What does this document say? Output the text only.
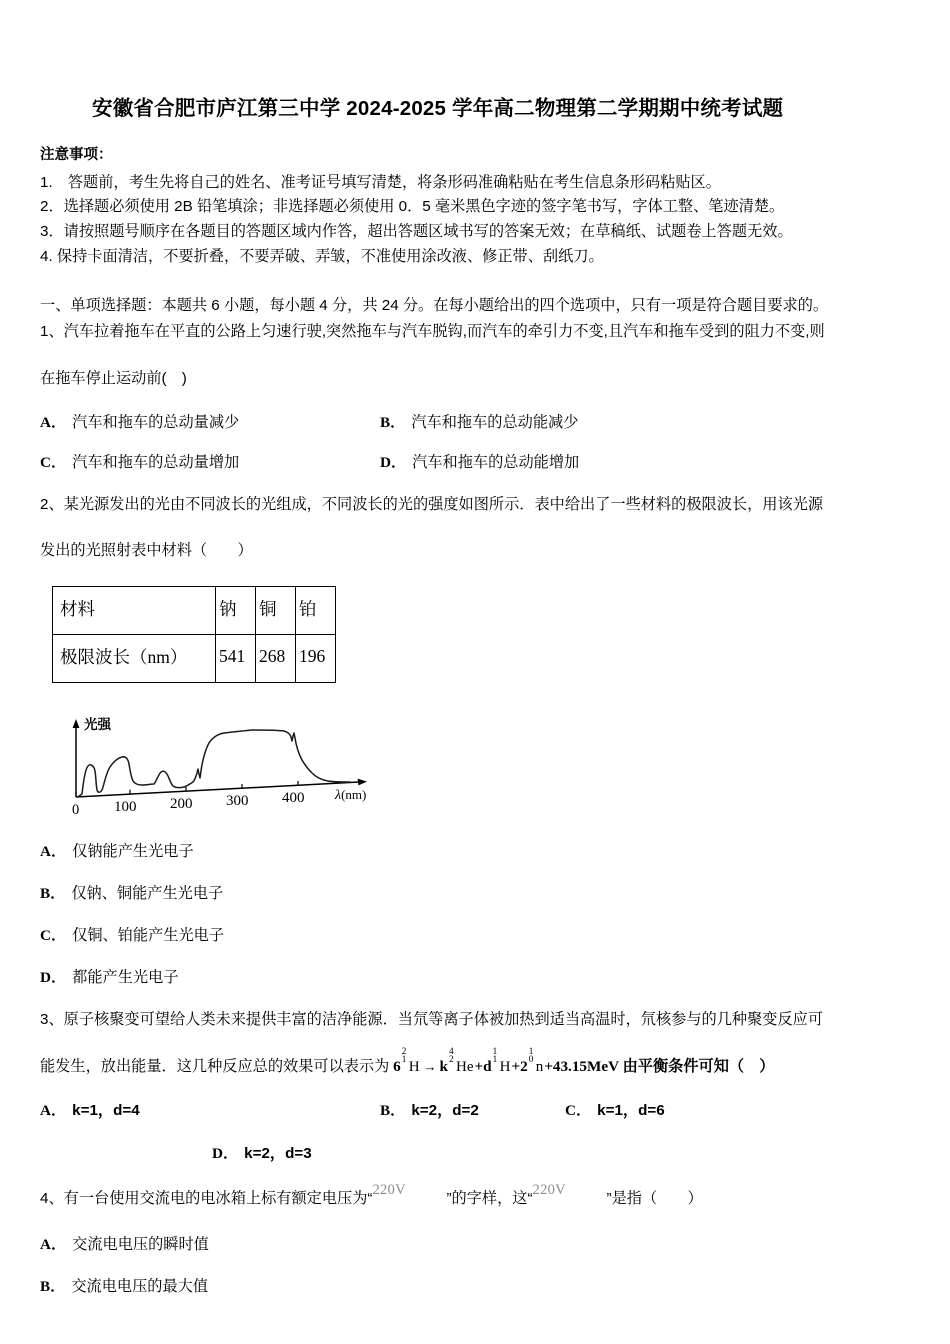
安徽省合肥市庐江第三中学 2024-2025 学年高二物理第二学期期中统考试题
注意事项：
1.　答题前，考生先将自己的姓名、准考证号填写清楚，将条形码准确粘贴在考生信息条形码粘贴区。
2．选择题必须使用 2B 铅笔填涂；非选择题必须使用 0．5 毫米黑色字迹的签字笔书写，字体工整、笔迹清楚。
3．请按照题号顺序在各题目的答题区域内作答，超出答题区域书写的答案无效；在草稿纸、试题卷上答题无效。
4. 保持卡面清洁，不要折叠，不要弄破、弄皱，不准使用涂改液、修正带、刮纸刀。
一、单项选择题：本题共 6 小题，每小题 4 分，共 24 分。在每小题给出的四个选项中，只有一项是符合题目要求的。
1、汽车拉着拖车在平直的公路上匀速行驶,突然拖车与汽车脱钩,而汽车的牵引力不变,且汽车和拖车受到的阻力不变,则
在拖车停止运动前(　)
A． 汽车和拖车的总动量减少	B． 汽车和拖车的总动能减少
C． 汽车和拖车的总动量增加	D． 汽车和拖车的总动能增加
2、某光源发出的光由不同波长的光组成，不同波长的光的强度如图所示．表中给出了一些材料的极限波长，用该光源
发出的光照射表中材料（　　）
材料	钠	铜	铂
极限波长（nm）	541	268	196
光强
0 100 200 300 400 λ(nm)
A． 仅钠能产生光电子
B． 仅钠、铜能产生光电子
C． 仅铜、铂能产生光电子
D． 都能产生光电子
3、原子核聚变可望给人类未来提供丰富的洁净能源．当氘等离子体被加热到适当高温时，氘核参与的几种聚变反应可
能发生，放出能量．这几种反应总的效果可以表示为 6
2
1 H → k
4
2 He+d
1
1 H+2
1
0 n+43.15MeV 由平衡条件可知（　）
A． k=1，d=4	B． k=2，d=2	C． k=1，d=6
D． k=2，d=3
4、有一台使用交流电的电冰箱上标有额定电压为“220V	”的字样，这“220V	”是指（　　）
A． 交流电电压的瞬时值
B． 交流电电压的最大值
